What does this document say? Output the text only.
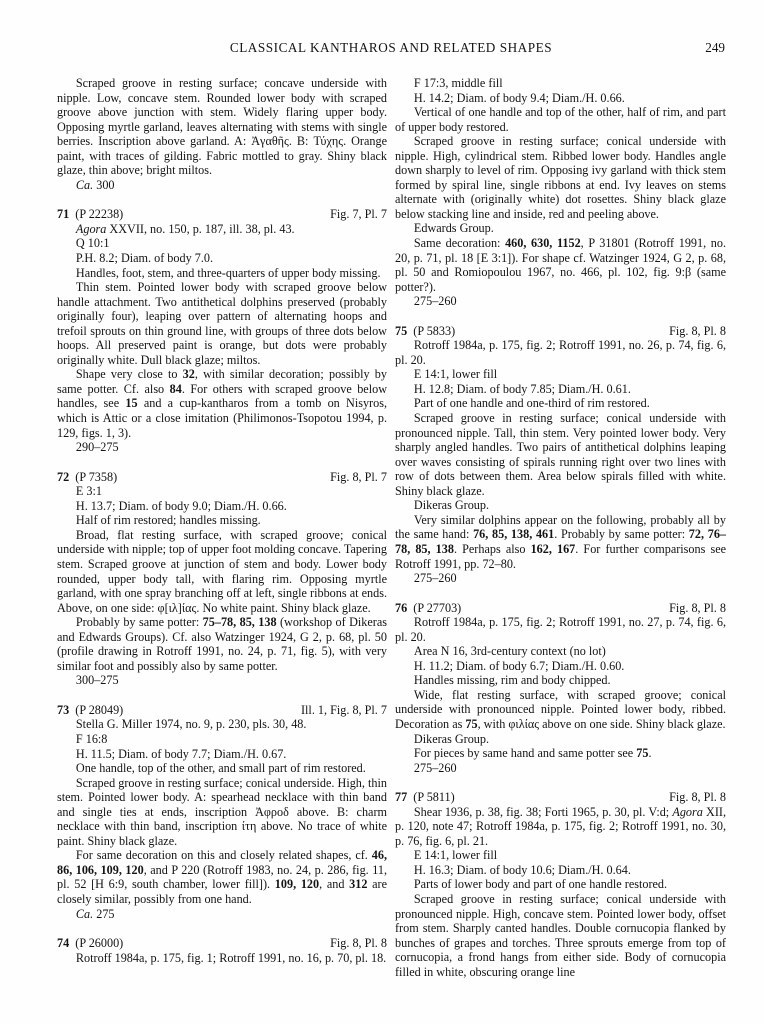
CLASSICAL KANTHAROS AND RELATED SHAPES	249

Scraped groove in resting surface; concave underside with nipple. Low, concave stem. Rounded lower body with scraped groove above junction with stem. Widely flaring upper body. Opposing myrtle garland, leaves alternating with stems with single berries. Inscription above garland. A: Ἀγαθῆς. B: Τύχης. Orange paint, with traces of gilding. Fabric mottled to gray. Shiny black glaze, thin above; bright miltos.

Ca. 300

71  (P 22238)	Fig. 7, Pl. 7

Agora XXVII, no. 150, p. 187, ill. 38, pl. 43.

Q 10:1

P.H. 8.2; Diam. of body 7.0.

Handles, foot, stem, and three-quarters of upper body missing.

Thin stem. Pointed lower body with scraped groove below handle attachment. Two antithetical dolphins preserved (probably originally four), leaping over pattern of alternating hoops and trefoil sprouts on thin ground line, with groups of three dots below hoops. All preserved paint is orange, but dots were probably originally white. Dull black glaze; miltos.

Shape very close to 32, with similar decoration; possibly by same potter. Cf. also 84. For others with scraped groove below handles, see 15 and a cup-kantharos from a tomb on Nisyros, which is Attic or a close imitation (Philimonos-Tsopotou 1994, p. 129, figs. 1, 3).

290–275

72  (P 7358)	Fig. 8, Pl. 7

E 3:1

H. 13.7; Diam. of body 9.0; Diam./H. 0.66.

Half of rim restored; handles missing.

Broad, flat resting surface, with scraped groove; conical underside with nipple; top of upper foot molding concave. Tapering stem. Scraped groove at junction of stem and body. Lower body rounded, upper body tall, with flaring rim. Opposing myrtle garland, with one spray branching off at left, single ribbons at ends. Above, on one side: φ[ιλ]ίας. No white paint. Shiny black glaze.

Probably by same potter: 75–78, 85, 138 (workshop of Dikeras and Edwards Groups). Cf. also Watzinger 1924, G 2, p. 68, pl. 50 (profile drawing in Rotroff 1991, no. 24, p. 71, fig. 5), with very similar foot and possibly also by same potter.

300–275

73  (P 28049)	Ill. 1, Fig. 8, Pl. 7

Stella G. Miller 1974, no. 9, p. 230, pls. 30, 48.

F 16:8

H. 11.5; Diam. of body 7.7; Diam./H. 0.67.

One handle, top of the other, and small part of rim restored.

Scraped groove in resting surface; conical underside. High, thin stem. Pointed lower body. A: spearhead necklace with thin band and single ties at ends, inscription Ἀφροδ above. B: charm necklace with thin band, inscription ίτη above. No trace of white paint. Shiny black glaze.

For same decoration on this and closely related shapes, cf. 46, 86, 106, 109, 120, and P 220 (Rotroff 1983, no. 24, p. 286, fig. 11, pl. 52 [H 6:9, south chamber, lower fill]). 109, 120, and 312 are closely similar, possibly from one hand.

Ca. 275

74  (P 26000)	Fig. 8, Pl. 8

Rotroff 1984a, p. 175, fig. 1; Rotroff 1991, no. 16, p. 70, pl. 18.

F 17:3, middle fill

H. 14.2; Diam. of body 9.4; Diam./H. 0.66.

Vertical of one handle and top of the other, half of rim, and part of upper body restored.

Scraped groove in resting surface; conical underside with nipple. High, cylindrical stem. Ribbed lower body. Handles angle down sharply to level of rim. Opposing ivy garland with thick stem formed by spiral line, single ribbons at end. Ivy leaves on stems alternate with (originally white) dot rosettes. Shiny black glaze below stacking line and inside, red and peeling above.

Edwards Group.

Same decoration: 460, 630, 1152, P 31801 (Rotroff 1991, no. 20, p. 71, pl. 18 [E 3:1]). For shape cf. Watzinger 1924, G 2, p. 68, pl. 50 and Romiopoulou 1967, no. 466, pl. 102, fig. 9:β (same potter?).

275–260

75  (P 5833)	Fig. 8, Pl. 8

Rotroff 1984a, p. 175, fig. 2; Rotroff 1991, no. 26, p. 74, fig. 6, pl. 20.

E 14:1, lower fill

H. 12.8; Diam. of body 7.85; Diam./H. 0.61.

Part of one handle and one-third of rim restored.

Scraped groove in resting surface; conical underside with pronounced nipple. Tall, thin stem. Very pointed lower body. Very sharply angled handles. Two pairs of antithetical dolphins leaping over waves consisting of spirals running right over two lines with row of dots between them. Area below spirals filled with white. Shiny black glaze.

Dikeras Group.

Very similar dolphins appear on the following, probably all by the same hand: 76, 85, 138, 461. Probably by same potter: 72, 76–78, 85, 138. Perhaps also 162, 167. For further comparisons see Rotroff 1991, pp. 72–80.

275–260

76  (P 27703)	Fig. 8, Pl. 8

Rotroff 1984a, p. 175, fig. 2; Rotroff 1991, no. 27, p. 74, fig. 6, pl. 20.

Area N 16, 3rd-century context (no lot)

H. 11.2; Diam. of body 6.7; Diam./H. 0.60.

Handles missing, rim and body chipped.

Wide, flat resting surface, with scraped groove; conical underside with pronounced nipple. Pointed lower body, ribbed. Decoration as 75, with φιλίας above on one side. Shiny black glaze.

Dikeras Group.

For pieces by same hand and same potter see 75.

275–260

77  (P 5811)	Fig. 8, Pl. 8

Shear 1936, p. 38, fig. 38; Forti 1965, p. 30, pl. V:d; Agora XII, p. 120, note 47; Rotroff 1984a, p. 175, fig. 2; Rotroff 1991, no. 30, p. 76, fig. 6, pl. 21.

E 14:1, lower fill

H. 16.3; Diam. of body 10.6; Diam./H. 0.64.

Parts of lower body and part of one handle restored.

Scraped groove in resting surface; conical underside with pronounced nipple. High, concave stem. Pointed lower body, offset from stem. Sharply canted handles. Double cornucopia flanked by bunches of grapes and torches. Three sprouts emerge from top of cornucopia, a frond hangs from either side. Body of cornucopia filled in white, obscuring orange line
